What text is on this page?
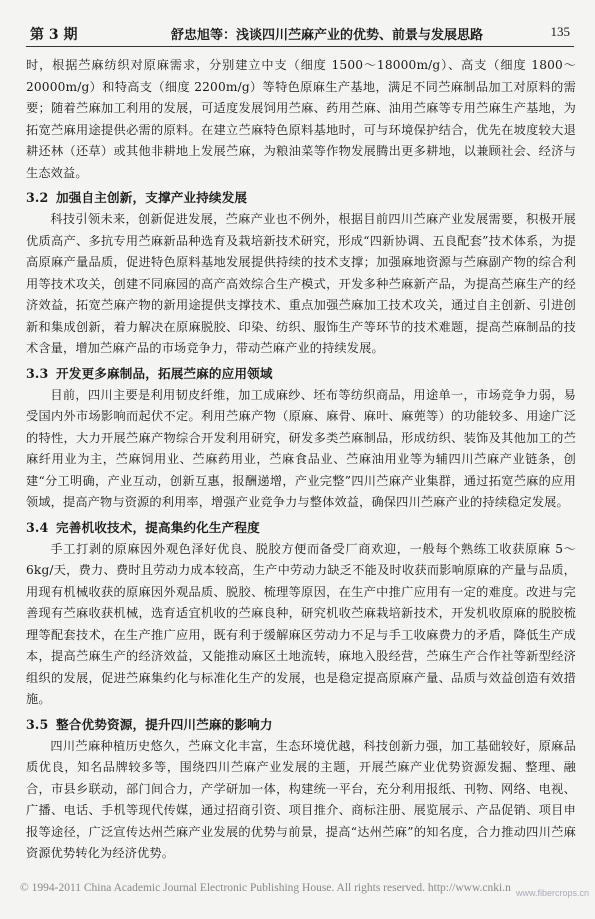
第 3 期	舒忠旭等：浅谈四川苎麻产业的优势、前景与发展思路	135

时，根据苎麻纺织对原麻需求，分别建立中支（细度 1500～18000m/g）、高支（细度 1800～20000m/g）和特高支（细度 2200m/g）等特色原麻生产基地，满足不同苎麻制品加工对原料的需要；随着苎麻加工利用的发展，可适度发展饲用苎麻、药用苎麻、油用苎麻等专用苎麻生产基地，为拓宽苎麻用途提供必需的原料。在建立苎麻特色原料基地时，可与环境保护结合，优先在坡度较大退耕还林（还草）或其他非耕地上发展苎麻，为粮油菜等作物发展腾出更多耕地，以兼顾社会、经济与生态效益。

3.2 加强自主创新，支撑产业持续发展

科技引领未来，创新促进发展，苎麻产业也不例外，根据目前四川苎麻产业发展需要，积极开展优质高产、多抗专用苎麻新品种选育及栽培新技术研究，形成“四新协调、五良配套”技术体系，为提高原麻产量品质，促进特色原料基地发展提供持续的技术支撑；加强麻地资源与苎麻副产物的综合利用等技术攻关，创建不同麻园的高产高效综合生产模式，开发多种苎麻新产品，为提高苎麻生产的经济效益，拓宽苎麻产物的新用途提供支撑技术、重点加强苎麻加工技术攻关，通过自主创新、引进创新和集成创新，着力解决在原麻脱胶、印染、纺织、服饰生产等环节的技术难题，提高苎麻制品的技术含量，增加苎麻产品的市场竞争力，带动苎麻产业的持续发展。

3.3 开发更多麻制品，拓展苎麻的应用领域

目前，四川主要是利用韧皮纤维，加工成麻纱、坯布等纺织商品，用途单一，市场竞争力弱，易受国内外市场影响而起伏不定。利用苎麻产物（原麻、麻骨、麻叶、麻蔸等）的功能较多、用途广泛的特性，大力开展苎麻产物综合开发利用研究，研发多类苎麻制品，形成纺织、装饰及其他加工的苎麻纤用业为主，苎麻饲用业、苎麻药用业，苎麻食品业、苎麻油用业等为辅四川苎麻产业链条，创建“分工明确，产业互动，创新互惠，报酬递增，产业完整”四川苎麻产业集群，通过拓宽苎麻的应用领域，提高产物与资源的利用率，增强产业竞争力与整体效益，确保四川苎麻产业的持续稳定发展。

3.4 完善机收技术，提高集约化生产程度

手工打剥的原麻因外观色泽好优良、脱胶方便而备受厂商欢迎，一般每个熟练工收获原麻 5～6kg/天，费力、费时且劳动力成本较高，生产中劳动力缺乏不能及时收获而影响原麻的产量与品质，用现有机械收获的原麻因外观品质、脱胶、梳理等原因，在生产中推广应用有一定的难度。改进与完善现有苎麻收获机械，选育适宜机收的苎麻良种，研究机收苎麻栽培新技术，开发机收原麻的脱胶梳理等配套技术，在生产推广应用，既有利于缓解麻区劳动力不足与手工收麻费力的矛盾，降低生产成本，提高苎麻生产的经济效益，又能推动麻区土地流转，麻地入股经营，苎麻生产合作社等新型经济组织的发展，促进苎麻集约化与标准化生产的发展，也是稳定提高原麻产量、品质与效益创造有效措施。

3.5 整合优势资源，提升四川苎麻的影响力

四川苎麻种植历史悠久，苎麻文化丰富，生态环境优越，科技创新力强，加工基础较好，原麻品质优良，知名品牌较多等，围绕四川苎麻产业发展的主题，开展苎麻产业优势资源发掘、整理、融合，市县乡联动，部门间合力，产学研加一体，构建统一平台，充分利用报纸、刊物、网络、电视、广播、电话、手机等现代传媒，通过招商引资、项目推介、商标注册、展览展示、产品促销、项目申报等途径，广泛宣传达州苎麻产业发展的优势与前景，提高“达州苎麻”的知名度，合力推动四川苎麻资源优势转化为经济优势。

© 1994-2011 China Academic Journal Electronic Publishing House. All rights reserved. http://www.cnki.n www.fibercrops.cn
